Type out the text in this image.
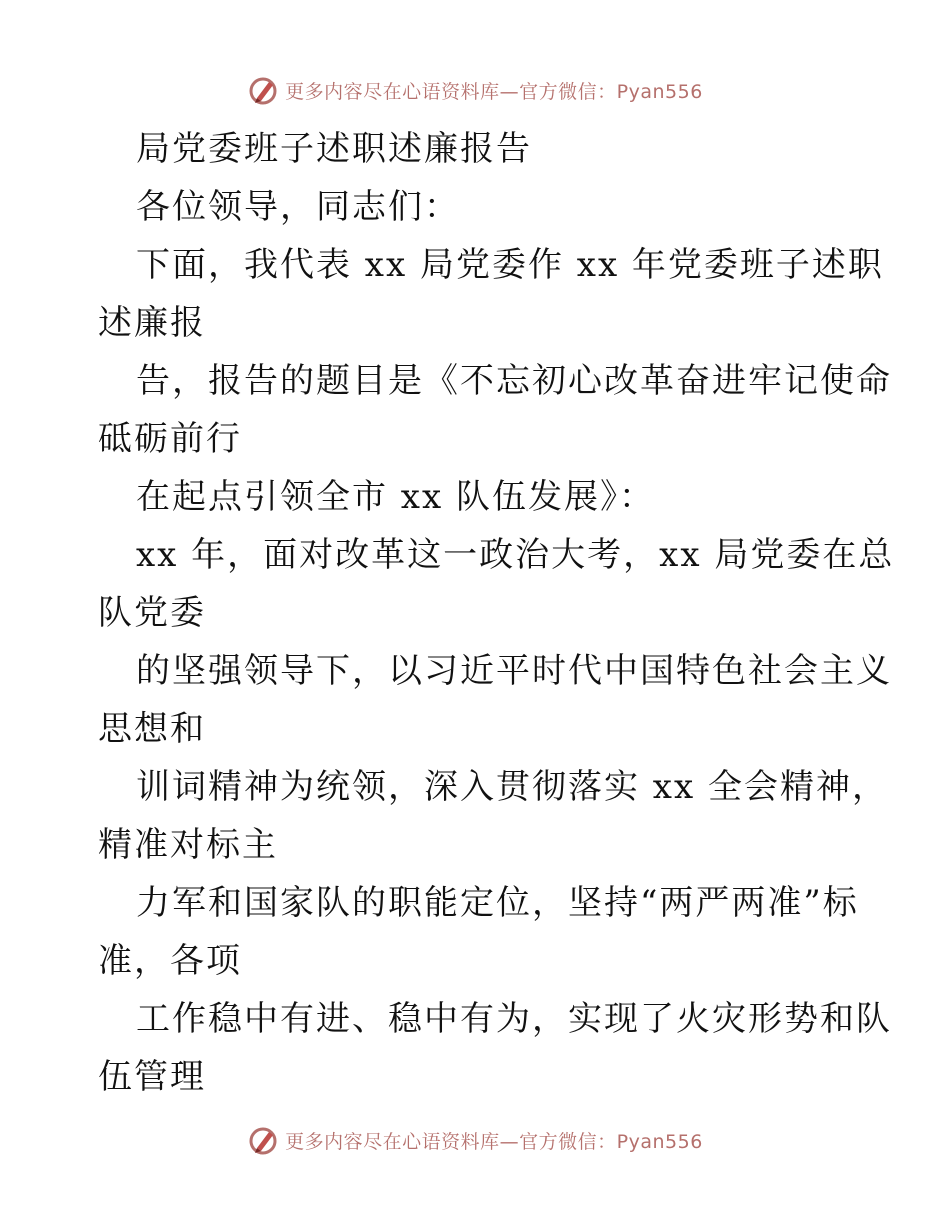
更多内容尽在心语资料库—官方微信：Pyan556
局党委班子述职述廉报告
各位领导，同志们：
下面，我代表 xx 局党委作 xx 年党委班子述职
述廉报
告，报告的题目是《不忘初心改革奋进牢记使命
砥砺前行
在起点引领全市 xx 队伍发展》：
xx 年，面对改革这一政治大考，xx 局党委在总
队党委
的坚强领导下，以习近平时代中国特色社会主义
思想和
训词精神为统领，深入贯彻落实 xx 全会精神，
精准对标主
力军和国家队的职能定位，坚持“两严两准”标
准，各项
工作稳中有进、稳中有为，实现了火灾形势和队
伍管理
更多内容尽在心语资料库—官方微信：Pyan556
